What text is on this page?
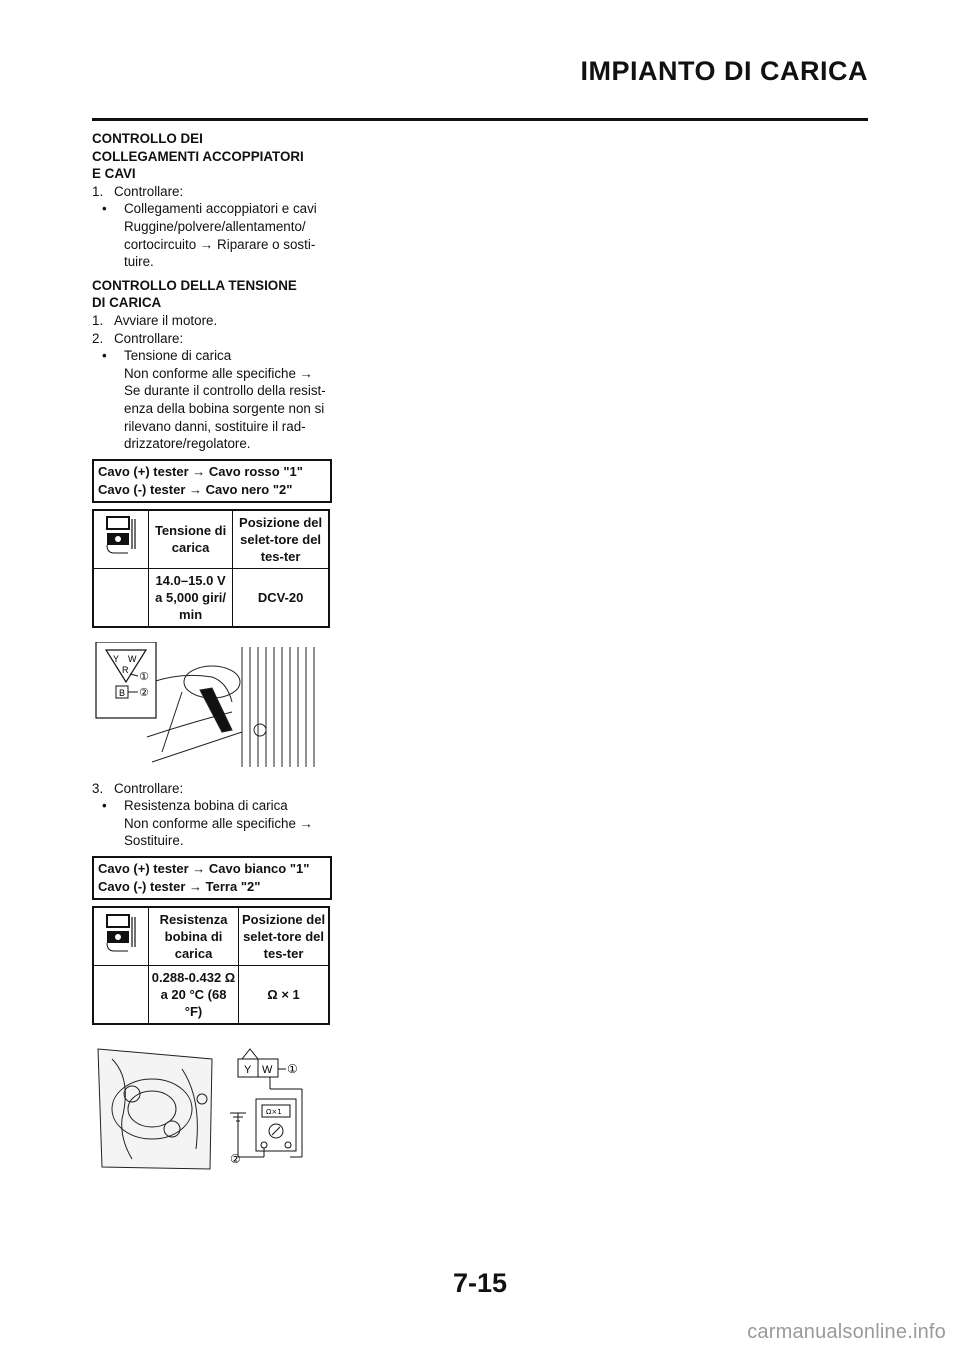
IMPIANTO DI CARICA

CONTROLLO DEI

COLLEGAMENTI ACCOPPIATORI

E CAVI

1. Controllare:
• Collegamenti accoppiatori e cavi
Ruggine/polvere/allentamento/
cortocircuito → Riparare o sosti-
tuire.

CONTROLLO DELLA TENSIONE

DI CARICA

1. Avviare il motore.
2. Controllare:
• Tensione di carica
Non conforme alle specifiche →
Se durante il controllo della resist-
enza della bobina sorgente non si
rilevano danni, sostituire il rad-
drizzatore/regolatore.
Cavo (+) tester → Cavo rosso "1"
Cavo (-) tester → Cavo nero "2"
	Tensione di carica	Posizione del selet-tore del tes-ter
	14.0–15.0 V a 5,000 giri/ min	DCV-20
Y W
R ①
B ②
3. Controllare:
• Resistenza bobina di carica
Non conforme alle specifiche →
Sostituire.
Cavo (+) tester → Cavo bianco "1"
Cavo (-) tester → Terra "2"
	Resistenza bobina di carica	Posizione del selet-tore del tes-ter
	0.288-0.432 Ω a 20 °C (68 °F)	Ω × 1
Y W ①
Ω×1
②
7-15
carmanualsonline.info
